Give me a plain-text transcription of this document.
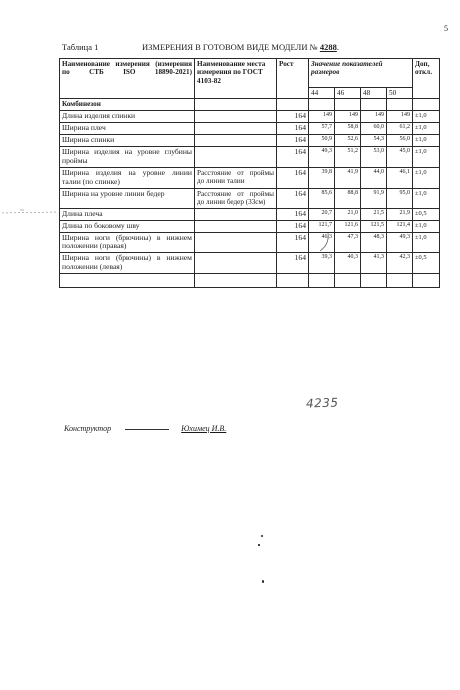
5
Таблица 1	ИЗМЕРЕНИЯ В ГОТОВОМ ВИДЕ МОДЕЛИ № 4288.
Наименование измерения (измерения по СТБ ISO 18890-2021)	Наименование места измерения по ГОСТ 4103-82	Рост	Значение показателей размеров				Доп, откл.
			44	46	48	50	
Комбинезон							
Длина изделия спинки		164	149	149	149	149	±1,0
Ширина плеч		164	57,7	58,8	60,0	61,2	±1,0
Ширина спинки		164	50,9	52,6	54,3	56,0	±1,0
Ширина изделия на уровне глубины проймы		164	49,3	51,2	53,0	45,0	±1,0
Ширина изделия на уровне линии талии (по спинке)	Расстояние от проймы до линии талии	164	39,8	41,9	44,0	46,1	±1,0
Ширина на уровне линии бедер	Расстояние от проймы до линии бедер (33см)	164	85,6	88,8	91,9	95,0	±1,0
Длина плеча		164	20,7	21,0	21,5	21,9	±0,5
Длина по боковому шву		164	121,7	121,6	121,5	121,4	±1,0
Ширина ноги (брючины) в нижнем положении (правая)		164	46,3	47,3	48,3	49,3	±1,0
Ширина ноги (брючины) в нижнем положении (левая)		164	39,3	40,3	41,3	42,3	±0,5

Конструктор	Юхимец И.В.
4235
